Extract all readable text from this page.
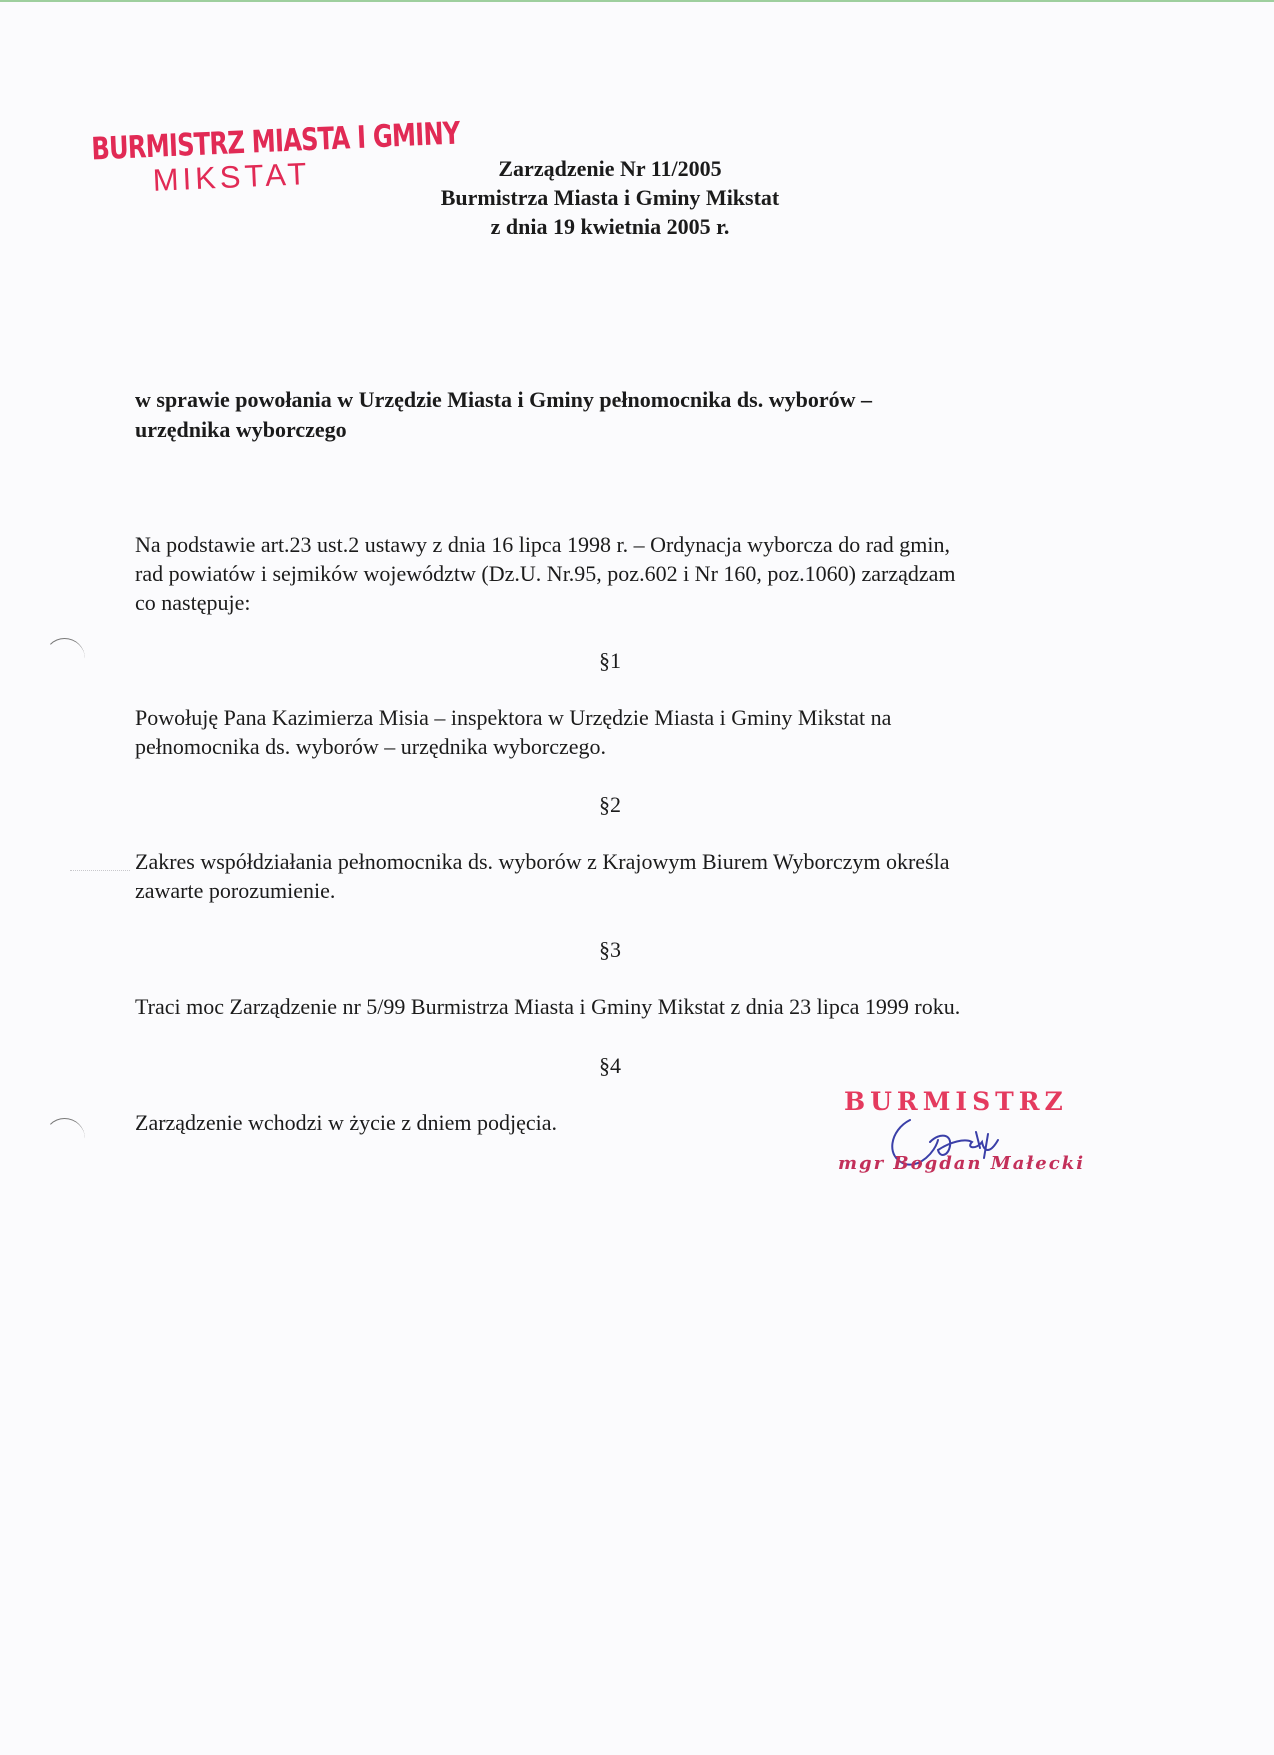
BURMISTRZ MIASTA I GMINY
MIKSTAT	Zarządzenie Nr 11/2005
Burmistrza Miasta i Gminy Mikstat
z dnia 19 kwietnia 2005 r.
w sprawie powołania w Urzędzie Miasta i Gminy pełnomocnika ds. wyborów –
urzędnika wyborczego
Na podstawie art.23 ust.2 ustawy z dnia 16 lipca 1998 r. – Ordynacja wyborcza do rad gmin,
rad powiatów i sejmików województw (Dz.U. Nr.95, poz.602 i Nr 160, poz.1060) zarządzam
co następuje:
§1
Powołuję Pana Kazimierza Misia – inspektora w Urzędzie Miasta i Gminy Mikstat na
pełnomocnika ds. wyborów – urzędnika wyborczego.
§2
Zakres współdziałania pełnomocnika ds. wyborów z Krajowym Biurem Wyborczym określa
zawarte porozumienie.
§3
Traci moc Zarządzenie nr 5/99 Burmistrza Miasta i Gminy Mikstat z dnia 23 lipca 1999 roku.
§4
Zarządzenie wchodzi w życie z dniem podjęcia.
BURMISTRZ
mgr Bogdan Małecki
